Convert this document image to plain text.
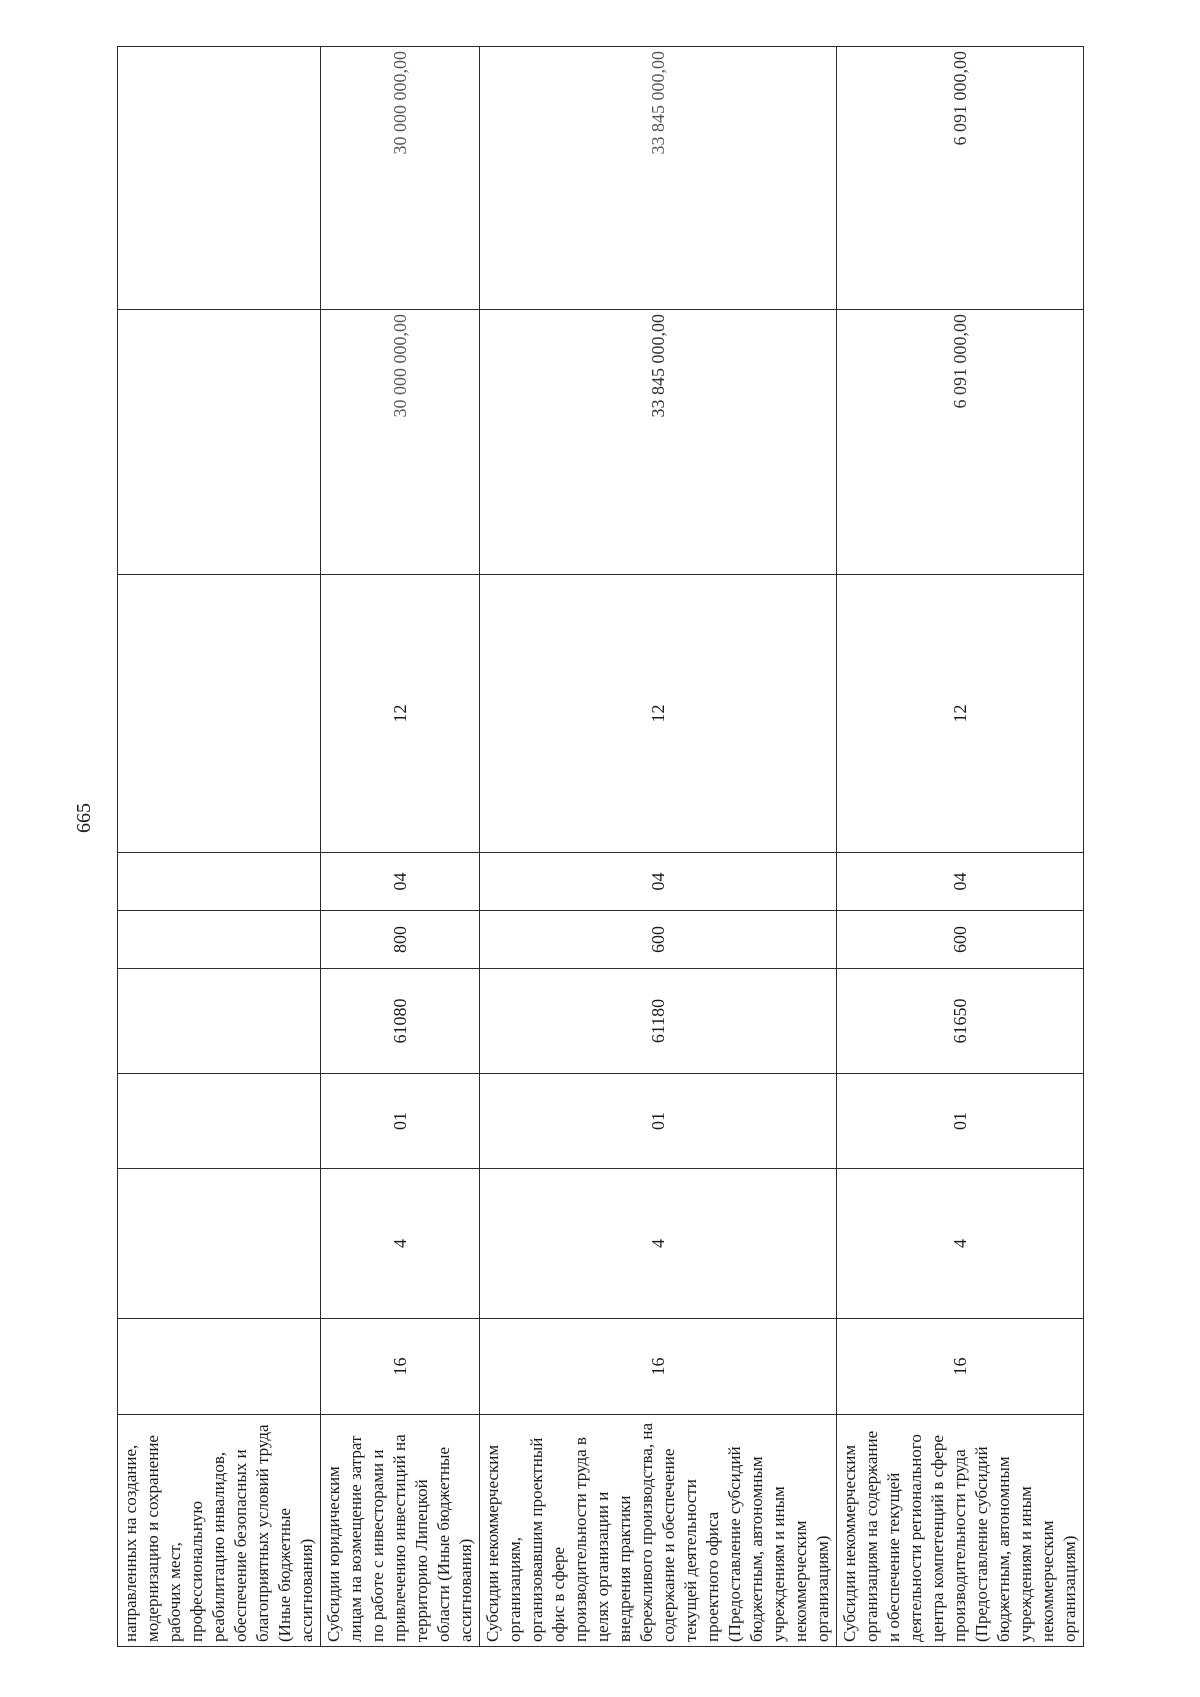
665
направленных на создание, модернизацию и сохранение рабочих мест, профессиональную реабилитацию инвалидов, обеспечение безопасных и благоприятных условий труда (Иные бюджетные ассигнования)										
Субсидии юридическим лицам на возмещение затрат по работе с инвесторами и привлечению инвестиций на территорию Липецкой области (Иные бюджетные ассигнования)	16	4	01	61080	800	04	12	30 000 000,00	30 000 000,00	
Субсидии некоммерческим организациям, организовавшим проектный офис в сфере производительности труда в целях организации и внедрения практики бережливого производства, на содержание и обеспечение текущей деятельности проектного офиса (Предоставление субсидий бюджетным, автономным учреждениям и иным некоммерческим организациям)	16	4	01	61180	600	04	12	33 845 000,00	33 845 000,00	
Субсидии некоммерческим организациям на содержание и обеспечение текущей деятельности регионального центра компетенций в сфере производительности труда (Предоставление субсидий бюджетным, автономным учреждениям и иным некоммерческим организациям)	16	4	01	61650	600	04	12	6 091 000,00	6 091 000,00	
